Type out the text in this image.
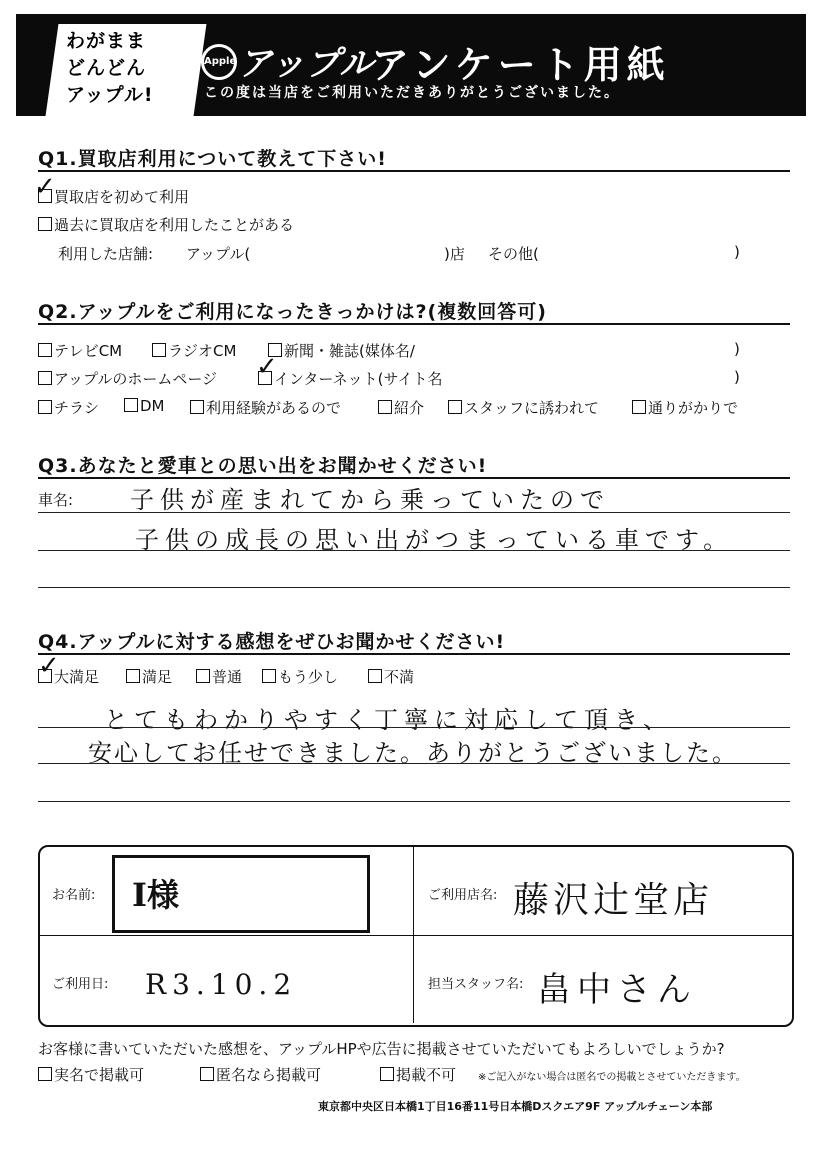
わがまま
どんどん
アップル!
Apple アップル
アンケート用紙
この度は当店をご利用いただきありがとうございました。
Q1.買取店利用について教えて下さい!
買取店を初めて利用
✓
過去に買取店を利用したことがある
利用した店舗: アップル(	)店 その他(	)
Q2.アップルをご利用になったきっかけは?(複数回答可)
テレビCM	ラジオCM	新聞・雑誌(媒体名/	)
アップルのホームページ	インターネット(サイト名
✓	)
チラシ	DM	利用経験があるので	紹介	スタッフに誘われて	通りがかりで
Q3.あなたと愛車との思い出をお聞かせください!
車名: 子供が産まれてから乗っていたので
子供の成長の思い出がつまっている車です。
Q4.アップルに対する感想をぜひお聞かせください!
大満足
✓	満足	普通	もう少し	不満
とてもわかりやすく丁寧に対応して頂き、
安心してお任せできました。ありがとうございました。
お名前: I様	ご利用店名: 藤沢辻堂店
ご利用日: R3.10.2	担当スタッフ名: 畠中さん
お客様に書いていただいた感想を、アップルHPや広告に掲載させていただいてもよろしいでしょうか?
実名で掲載可	匿名なら掲載可	掲載不可 ※ご記入がない場合は匿名での掲載とさせていただきます。
東京都中央区日本橋1丁目16番11号日本橋Dスクエア9F アップルチェーン本部
